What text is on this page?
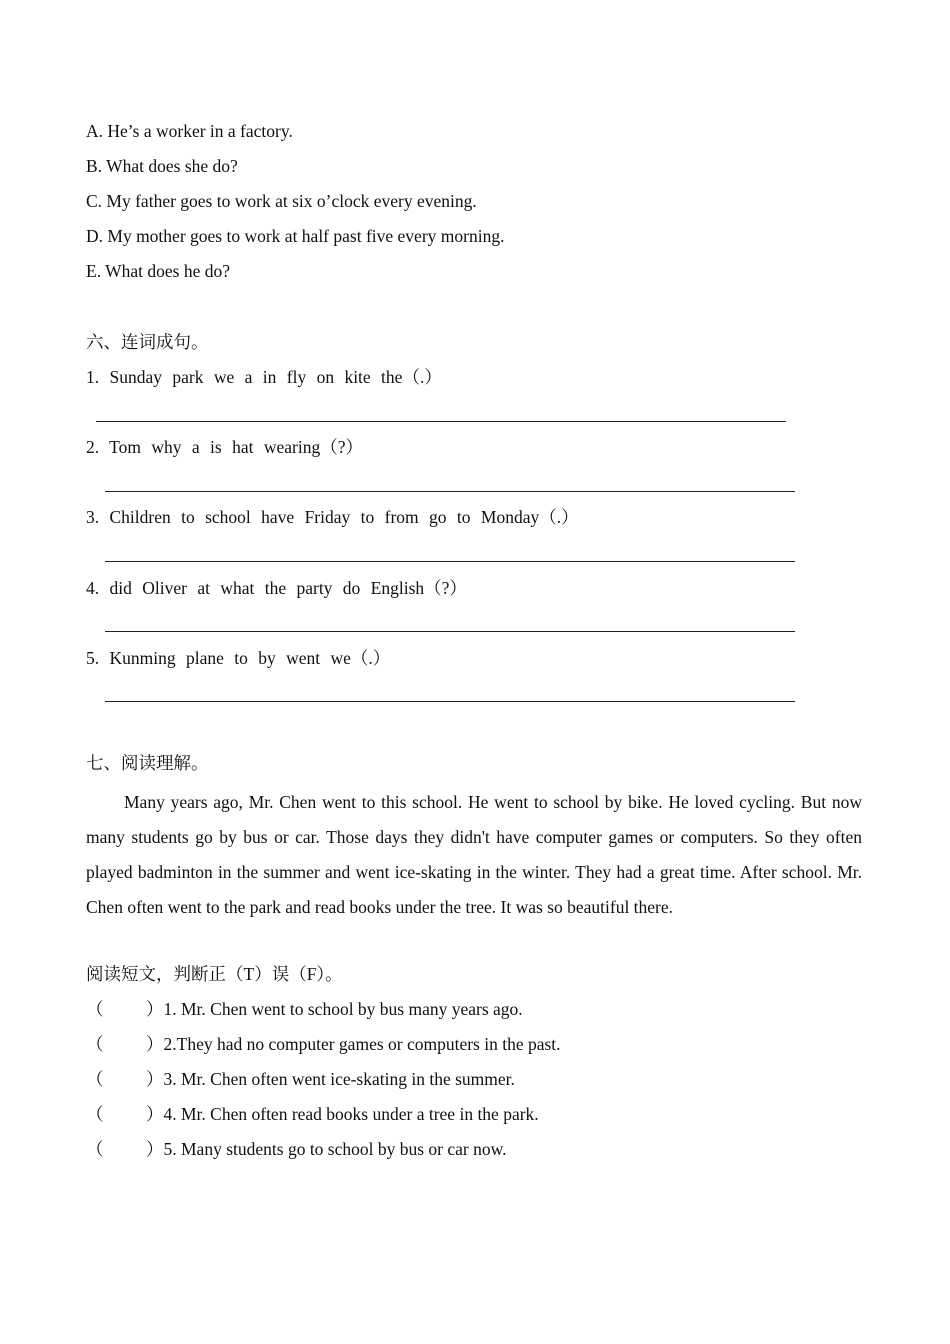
A. He’s a worker in a factory.
B. What does she do?
C. My father goes to work at six o’clock every evening.
D. My mother goes to work at half past five every morning.
E. What does he do?
六、连词成句。
1. Sunday park we a in fly on kite the（.）
2. Tom why a is hat wearing（?）
3. Children to school have Friday to from go to Monday（.）
4. did Oliver at what the party do English（?）
5. Kunming plane to by went we（.）
七、阅读理解。

Many years ago, Mr. Chen went to this school. He went to school by bike. He loved cycling. But now many students go by bus or car. Those days they didn't have computer games or computers. So they often played badminton in the summer and went ice-skating in the winter. They had a great time. After school. Mr. Chen often went to the park and read books under the tree. It was so beautiful there.

阅读短文，判断正（T）误（F）。
（ ）1. Mr. Chen went to school by bus many years ago.
（ ）2.They had no computer games or computers in the past.
（ ）3. Mr. Chen often went ice-skating in the summer.
（ ）4. Mr. Chen often read books under a tree in the park.
（ ）5. Many students go to school by bus or car now.
